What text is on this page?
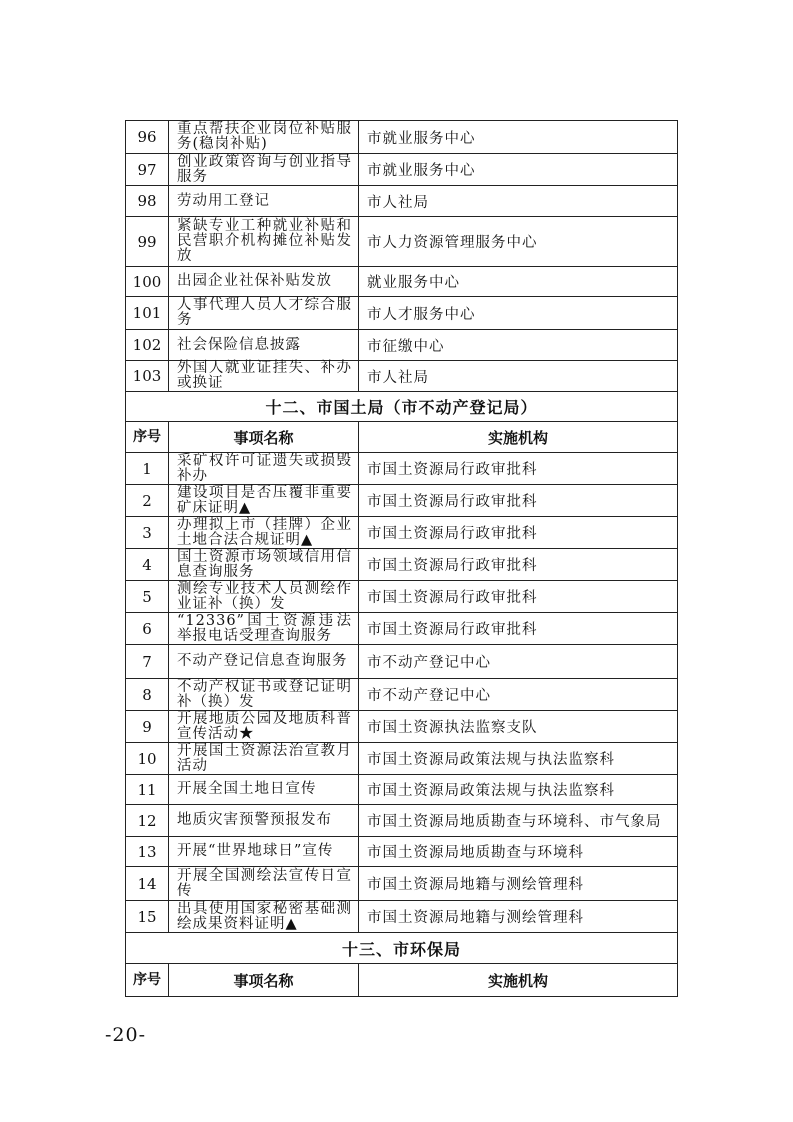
96	重点帮扶企业岗位补贴服务(稳岗补贴)	市就业服务中心
97	创业政策咨询与创业指导服务	市就业服务中心
98	劳动用工登记	市人社局
99	紧缺专业工种就业补贴和民营职介机构摊位补贴发放	市人力资源管理服务中心
100	出园企业社保补贴发放	就业服务中心
101	人事代理人员人才综合服务	市人才服务中心
102	社会保险信息披露	市征缴中心
103	外国人就业证挂失、补办或换证	市人社局
十二、市国土局（市不动产登记局）		
序号	事项名称	实施机构
1	采矿权许可证遗失或损毁补办	市国土资源局行政审批科
2	建设项目是否压覆非重要矿床证明▲	市国土资源局行政审批科
3	办理拟上市（挂牌）企业土地合法合规证明▲	市国土资源局行政审批科
4	国土资源市场领域信用信息查询服务	市国土资源局行政审批科
5	测绘专业技术人员测绘作业证补（换）发	市国土资源局行政审批科
6	“12336”国土资源违法举报电话受理查询服务	市国土资源局行政审批科
7	不动产登记信息查询服务	市不动产登记中心
8	不动产权证书或登记证明补（换）发	市不动产登记中心
9	开展地质公园及地质科普宣传活动★	市国土资源执法监察支队
10	开展国土资源法治宣教月活动	市国土资源局政策法规与执法监察科
11	开展全国土地日宣传	市国土资源局政策法规与执法监察科
12	地质灾害预警预报发布	市国土资源局地质勘查与环境科、市气象局
13	开展“世界地球日”宣传	市国土资源局地质勘查与环境科
14	开展全国测绘法宣传日宣传	市国土资源局地籍与测绘管理科
15	出具使用国家秘密基础测绘成果资料证明▲	市国土资源局地籍与测绘管理科
十三、市环保局		
序号	事项名称	实施机构
-20-
